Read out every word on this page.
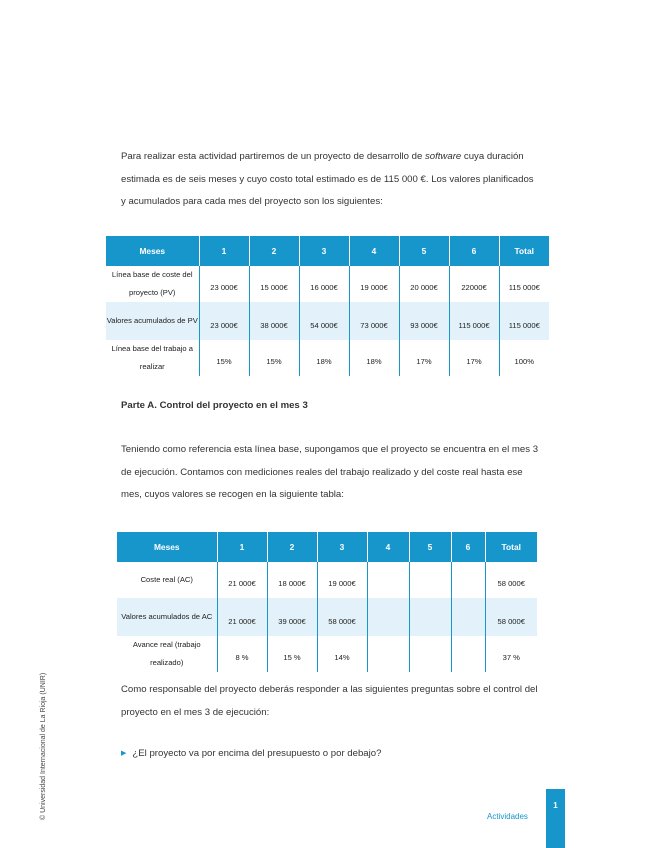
Para realizar esta actividad partiremos de un proyecto de desarrollo de software cuya duración estimada es de seis meses y cuyo costo total estimado es de 115 000 €. Los valores planificados y acumulados para cada mes del proyecto son los siguientes:

Meses	1	2	3	4	5	6	Total
Línea base de coste del proyecto (PV)	23 000€	15 000€	16 000€	19 000€	20 000€	22000€	115 000€
Valores acumulados de PV	23 000€	38 000€	54 000€	73 000€	93 000€	115 000€	115 000€
Línea base del trabajo a realizar	15%	15%	18%	18%	17%	17%	100%
Parte A. Control del proyecto en el mes 3

Teniendo como referencia esta línea base, supongamos que el proyecto se encuentra en el mes 3 de ejecución. Contamos con mediciones reales del trabajo realizado y del coste real hasta ese mes, cuyos valores se recogen en la siguiente tabla:

Meses	1	2	3	4	5	6	Total
Coste real (AC)	21 000€	18 000€	19 000€				58 000€
Valores acumulados de AC	21 000€	39 000€	58 000€				58 000€
Avance real (trabajo realizado)	8 %	15 %	14%				37 %

Como responsable del proyecto deberás responder a las siguientes preguntas sobre el control del proyecto en el mes 3 de ejecución:

▶ ¿El proyecto va por encima del presupuesto o por debajo?
© Universidad Internacional de La Rioja (UNIR)	Actividades
1
